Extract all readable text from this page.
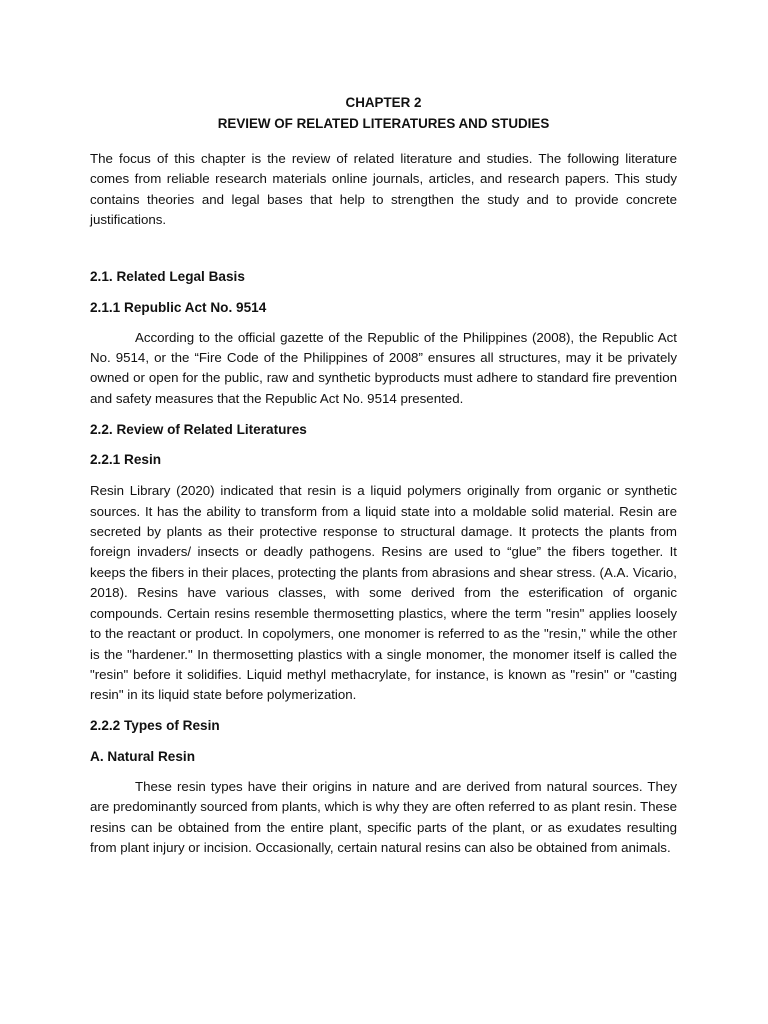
CHAPTER 2
REVIEW OF RELATED LITERATURES AND STUDIES

The focus of this chapter is the review of related literature and studies. The following literature comes from reliable research materials online journals, articles, and research papers. This study contains theories and legal bases that help to strengthen the study and to provide concrete justifications.

2.1. Related Legal Basis
2.1.1 Republic Act No. 9514

According to the official gazette of the Republic of the Philippines (2008), the Republic Act No. 9514, or the “Fire Code of the Philippines of 2008” ensures all structures, may it be privately owned or open for the public, raw and synthetic byproducts must adhere to standard fire prevention and safety measures that the Republic Act No. 9514 presented.

2.2. Review of Related Literatures
2.2.1 Resin

Resin Library (2020) indicated that resin is a liquid polymers originally from organic or synthetic sources. It has the ability to transform from a liquid state into a moldable solid material. Resin are secreted by plants as their protective response to structural damage. It protects the plants from foreign invaders/ insects or deadly pathogens. Resins are used to “glue” the fibers together. It keeps the fibers in their places, protecting the plants from abrasions and shear stress. (A.A. Vicario, 2018). Resins have various classes, with some derived from the esterification of organic compounds. Certain resins resemble thermosetting plastics, where the term "resin" applies loosely to the reactant or product. In copolymers, one monomer is referred to as the "resin," while the other is the "hardener." In thermosetting plastics with a single monomer, the monomer itself is called the "resin" before it solidifies. Liquid methyl methacrylate, for instance, is known as "resin" or "casting resin" in its liquid state before polymerization.

2.2.2 Types of Resin
A. Natural Resin

These resin types have their origins in nature and are derived from natural sources. They are predominantly sourced from plants, which is why they are often referred to as plant resin. These resins can be obtained from the entire plant, specific parts of the plant, or as exudates resulting from plant injury or incision. Occasionally, certain natural resins can also be obtained from animals.
